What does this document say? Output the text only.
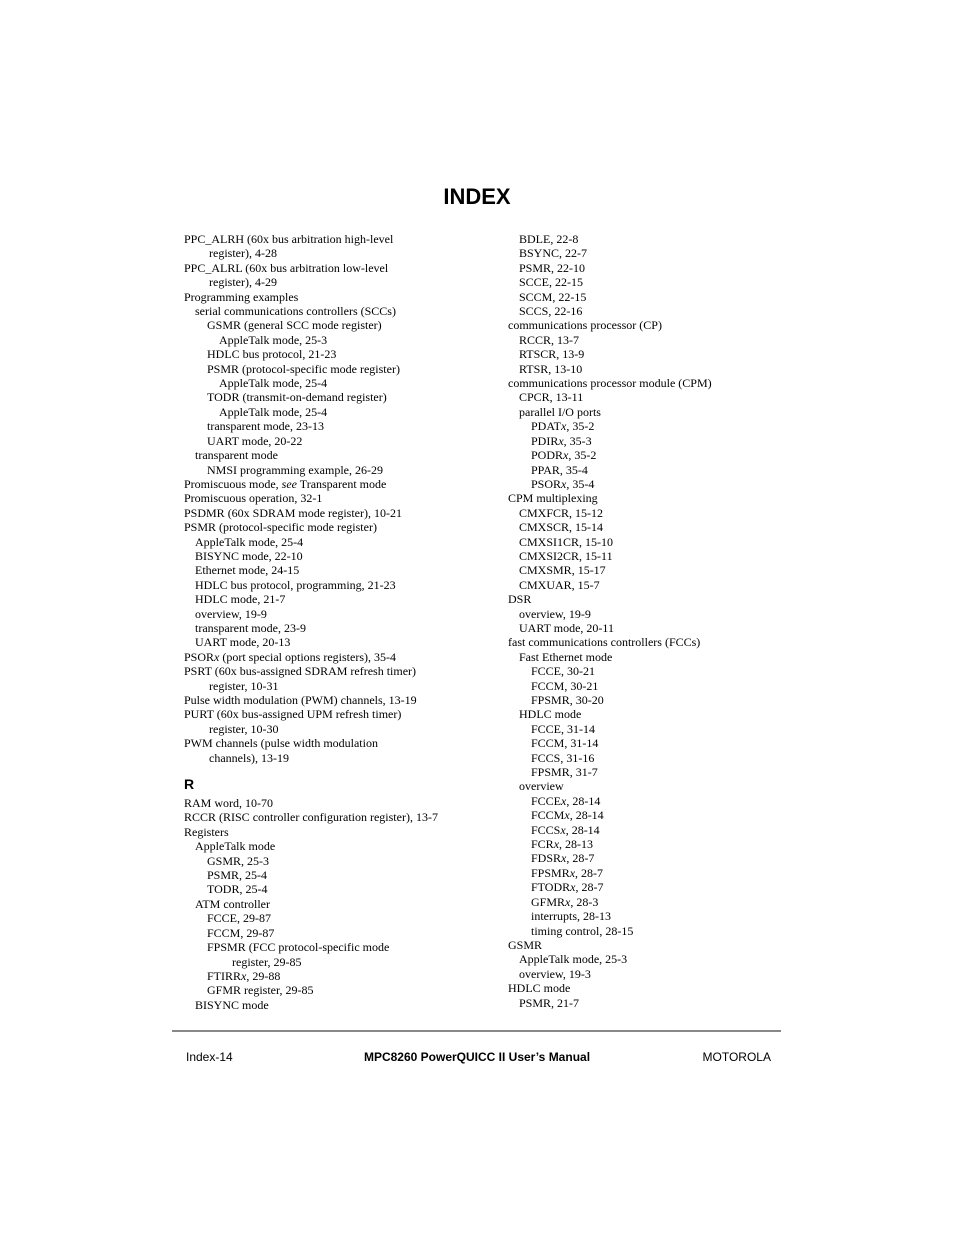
INDEX
PPC_ALRH (60x bus arbitration high-level
register), 4-28
PPC_ALRL (60x bus arbitration low-level
register), 4-29
Programming examples
serial communications controllers (SCCs)
GSMR (general SCC mode register)
AppleTalk mode, 25-3
HDLC bus protocol, 21-23
PSMR (protocol-specific mode register)
AppleTalk mode, 25-4
TODR (transmit-on-demand register)
AppleTalk mode, 25-4
transparent mode, 23-13
UART mode, 20-22
transparent mode
NMSI programming example, 26-29
Promiscuous mode, see Transparent mode
Promiscuous operation, 32-1
PSDMR (60x SDRAM mode register), 10-21
PSMR (protocol-specific mode register)
AppleTalk mode, 25-4
BISYNC mode, 22-10
Ethernet mode, 24-15
HDLC bus protocol, programming, 21-23
HDLC mode, 21-7
overview, 19-9
transparent mode, 23-9
UART mode, 20-13
PSORx (port special options registers), 35-4
PSRT (60x bus-assigned SDRAM refresh timer)
register, 10-31
Pulse width modulation (PWM) channels, 13-19
PURT (60x bus-assigned UPM refresh timer)
register, 10-30
PWM channels (pulse width modulation
channels), 13-19
R
RAM word, 10-70
RCCR (RISC controller configuration register), 13-7
Registers
AppleTalk mode
GSMR, 25-3
PSMR, 25-4
TODR, 25-4
ATM controller
FCCE, 29-87
FCCM, 29-87
FPSMR (FCC protocol-specific mode
register, 29-85
FTIRRx, 29-88
GFMR register, 29-85
BISYNC mode
BDLE, 22-8
BSYNC, 22-7
PSMR, 22-10
SCCE, 22-15
SCCM, 22-15
SCCS, 22-16
communications processor (CP)
RCCR, 13-7
RTSCR, 13-9
RTSR, 13-10
communications processor module (CPM)
CPCR, 13-11
parallel I/O ports
PDATx, 35-2
PDIRx, 35-3
PODRx, 35-2
PPAR, 35-4
PSORx, 35-4
CPM multiplexing
CMXFCR, 15-12
CMXSCR, 15-14
CMXSI1CR, 15-10
CMXSI2CR, 15-11
CMXSMR, 15-17
CMXUAR, 15-7
DSR
overview, 19-9
UART mode, 20-11
fast communications controllers (FCCs)
Fast Ethernet mode
FCCE, 30-21
FCCM, 30-21
FPSMR, 30-20
HDLC mode
FCCE, 31-14
FCCM, 31-14
FCCS, 31-16
FPSMR, 31-7
overview
FCCEx, 28-14
FCCMx, 28-14
FCCSx, 28-14
FCRx, 28-13
FDSRx, 28-7
FPSMRx, 28-7
FTODRx, 28-7
GFMRx, 28-3
interrupts, 28-13
timing control, 28-15
GSMR
AppleTalk mode, 25-3
overview, 19-3
HDLC mode
PSMR, 21-7
Index-14	MPC8260 PowerQUICC II User’s Manual	MOTOROLA
